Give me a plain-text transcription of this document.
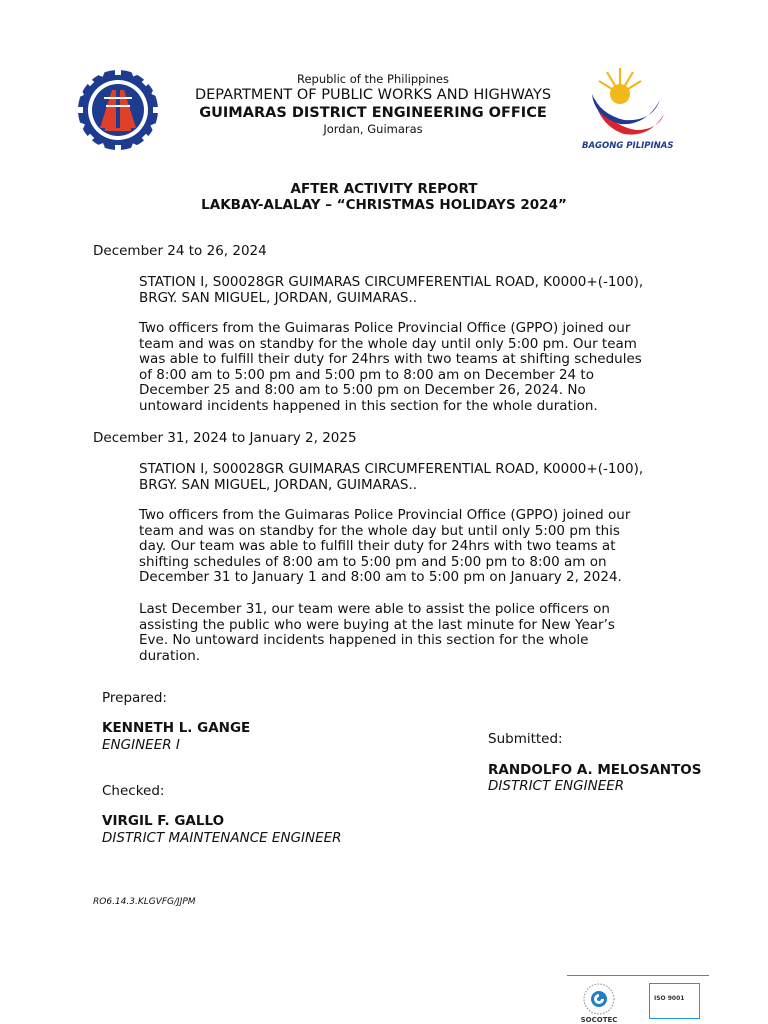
Republic of the Philippines
DEPARTMENT OF PUBLIC WORKS AND HIGHWAYS
GUIMARAS DISTRICT ENGINEERING OFFICE
Jordan, Guimaras
BAGONG PILIPINAS
AFTER ACTIVITY REPORT
LAKBAY-ALALAY – “CHRISTMAS HOLIDAYS 2024”
December 24 to 26, 2024
STATION I, S00028GR GUIMARAS CIRCUMFERENTIAL ROAD, K0000+(-100),
BRGY. SAN MIGUEL, JORDAN, GUIMARAS..
Two officers from the Guimaras Police Provincial Office (GPPO) joined our
team and was on standby for the whole day until only 5:00 pm. Our team
was able to fulfill their duty for 24hrs with two teams at shifting schedules
of 8:00 am to 5:00 pm and 5:00 pm to 8:00 am on December 24 to
December 25 and 8:00 am to 5:00 pm on December 26, 2024. No
untoward incidents happened in this section for the whole duration.
December 31, 2024 to January 2, 2025
STATION I, S00028GR GUIMARAS CIRCUMFERENTIAL ROAD, K0000+(-100),
BRGY. SAN MIGUEL, JORDAN, GUIMARAS..
Two officers from the Guimaras Police Provincial Office (GPPO) joined our
team and was on standby for the whole day but until only 5:00 pm this
day. Our team was able to fulfill their duty for 24hrs with two teams at
shifting schedules of 8:00 am to 5:00 pm and 5:00 pm to 8:00 am on
December 31 to January 1 and 8:00 am to 5:00 pm on January 2, 2024.
Last December 31, our team were able to assist the police officers on
assisting the public who were buying at the last minute for New Year’s
Eve. No untoward incidents happened in this section for the whole
duration.
Prepared:
KENNETH L. GANGE
ENGINEER I	Submitted:
RANDOLFO A. MELOSANTOS
DISTRICT ENGINEER
Checked:
VIRGIL F. GALLO
DISTRICT MAINTENANCE ENGINEER
RO6.14.3.KLGVFG/JJPM
SOCOTEC
ISO 9001
